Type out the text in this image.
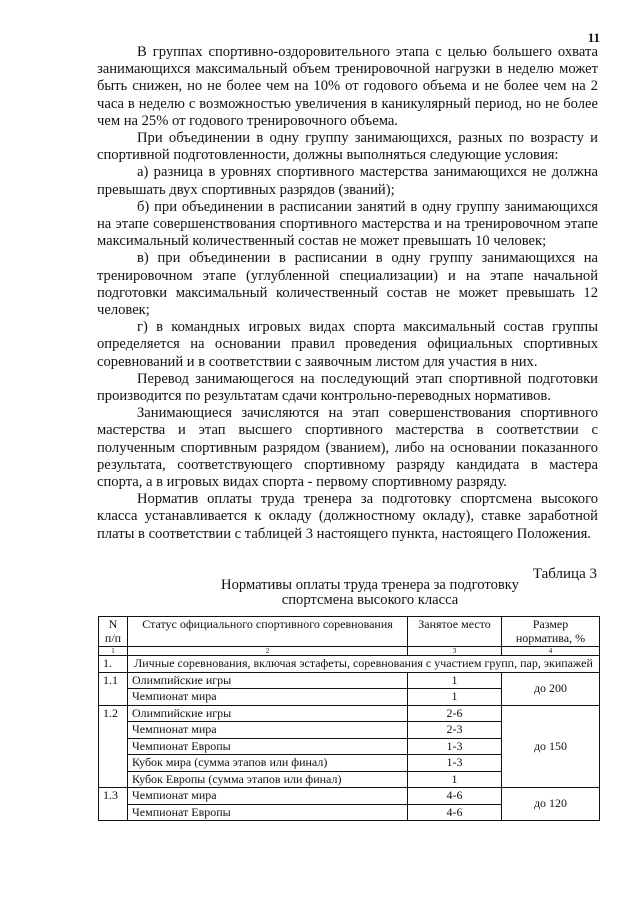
11

В группах спортивно-оздоровительного этапа с целью большего охвата занимающихся максимальный объем тренировочной нагрузки в неделю может быть снижен, но не более чем на 10% от годового объема и не более чем на 2 часа в неделю с возможностью увеличения в каникулярный период, но не более чем на 25% от годового тренировочного объема.

При объединении в одну группу занимающихся, разных по возрасту и спортивной подготовленности, должны выполняться следующие условия:

а) разница в уровнях спортивного мастерства занимающихся не должна превышать двух спортивных разрядов (званий);

б) при объединении в расписании занятий в одну группу занимающихся на этапе совершенствования спортивного мастерства и на тренировочном этапе максимальный количественный состав не может превышать 10 человек;

в) при объединении в расписании в одну группу занимающихся на тренировочном этапе (углубленной специализации) и на этапе начальной подготовки максимальный количественный состав не может превышать 12 человек;

г) в командных игровых видах спорта максимальный состав группы определяется на основании правил проведения официальных спортивных соревнований и в соответствии с заявочным листом для участия в них.

Перевод занимающегося на последующий этап спортивной подготовки производится по результатам сдачи контрольно-переводных нормативов.

Занимающиеся зачисляются на этап совершенствования спортивного мастерства и этап высшего спортивного мастерства в соответствии с полученным спортивным разрядом (званием), либо на основании показанного результата, соответствующего спортивному разряду кандидата в мастера спорта, а в игровых видах спорта - первому спортивному разряду.

Норматив оплаты труда тренера за подготовку спортсмена высокого класса устанавливается к окладу (должностному окладу), ставке заработной платы в соответствии с таблицей 3 настоящего пункта, настоящего Положения.

Таблица 3
Нормативы оплаты труда тренера за подготовку спортсмена высокого класса
N п/п	Статус официального спортивного соревнования	Занятое место	Размер норматива, %
1	2	3	4
1.	Личные соревнования, включая эстафеты, соревнования с участием групп, пар, экипажей		
1.1	Олимпийские игры	1	до 200
	Чемпионат мира	1	
1.2	Олимпийские игры	2-6	до 150
	Чемпионат мира	2-3	
	Чемпионат Европы	1-3	
	Кубок мира (сумма этапов или финал)	1-3	
	Кубок Европы (сумма этапов или финал)	1	
1.3	Чемпионат мира	4-6	до 120
	Чемпионат Европы	4-6	
